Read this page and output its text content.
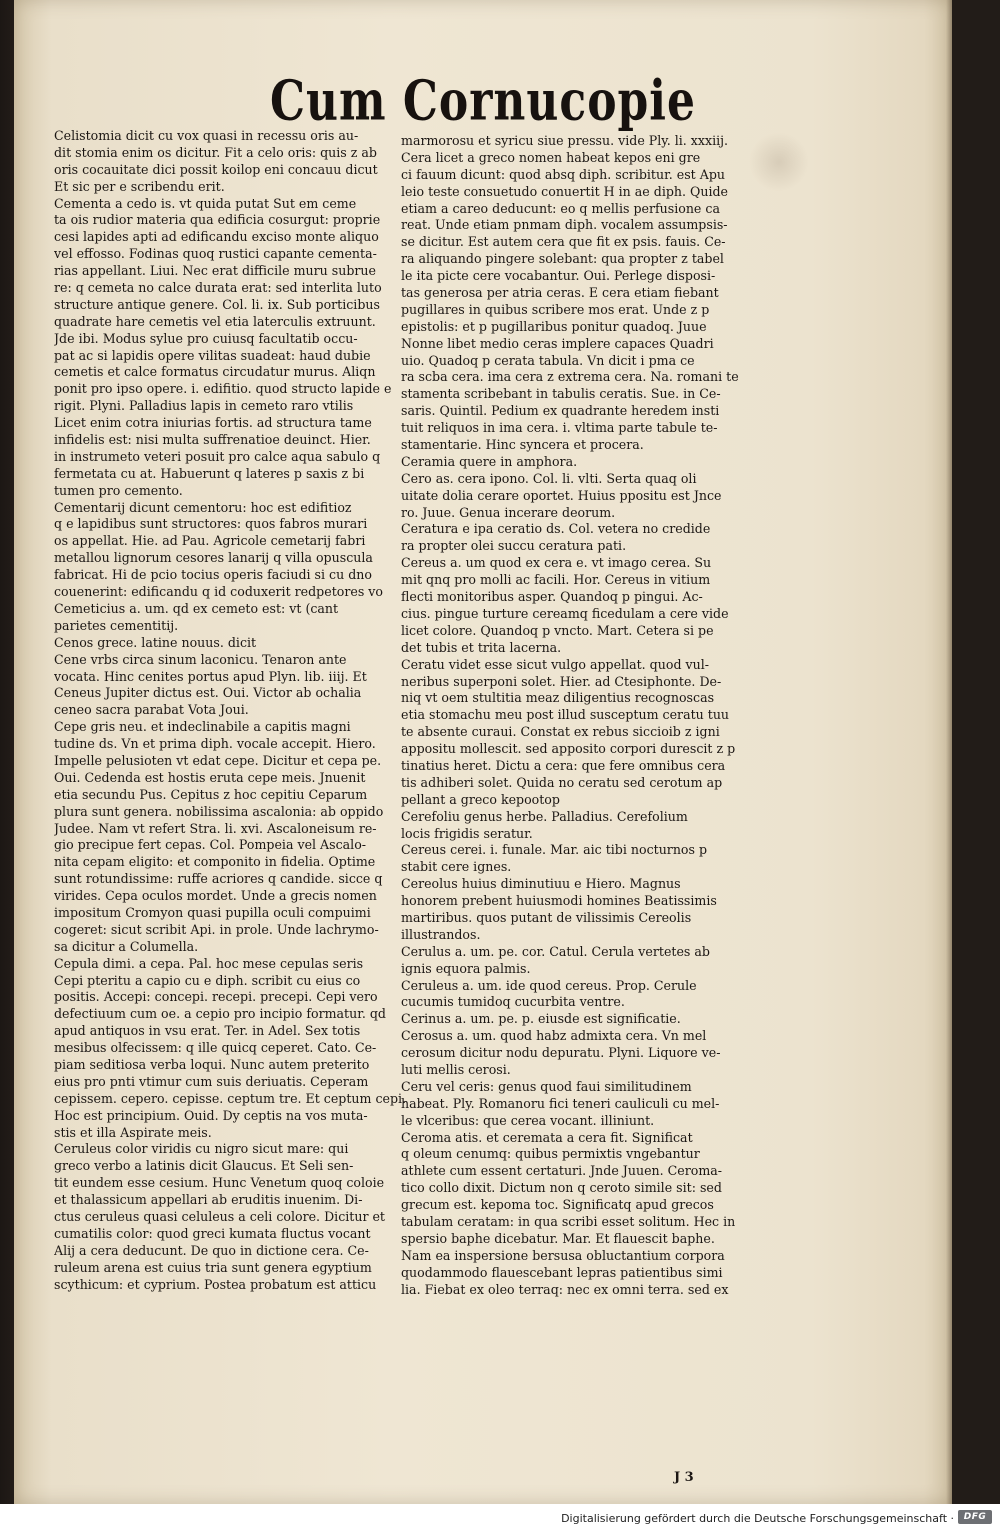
Cum Cornucopie
Celistomia dicit cu vox quasi in recessu oris au-
dit stomia enim os dicitur. Fit a celo oris: quis z ab
oris cocauitate dici possit koilop eni concauu dicut
Et sic per e scribendu erit.
Cementa a cedo is. vt quida putat Sut em ceme
ta ois rudior materia qua edificia cosurgut: proprie
cesi lapides apti ad edificandu exciso monte aliquo
vel effosso. Fodinas quoq rustici capante cementa-
rias appellant. Liui. Nec erat difficile muru subrue
re: q cemeta no calce durata erat: sed interlita luto
structure antique genere. Col. li. ix. Sub porticibus
quadrate hare cemetis vel etia laterculis extruunt.
Jde ibi. Modus sylue pro cuiusq facultatib occu-
pat ac si lapidis opere vilitas suadeat: haud dubie
cemetis et calce formatus circudatur murus. Aliqn
ponit pro ipso opere. i. edifitio. quod structo lapide e
rigit. Plyni. Palladius lapis in cemeto raro vtilis
Licet enim cotra iniurias fortis. ad structura tame
infidelis est: nisi multa suffrenatioe deuinct. Hier.
in instrumeto veteri posuit pro calce aqua sabulo q
fermetata cu at. Habuerunt q lateres p saxis z bi
tumen pro cemento.
Cementarij dicunt cementoru: hoc est edifitioz
q e lapidibus sunt structores: quos fabros murari
os appellat. Hie. ad Pau. Agricole cemetarij fabri
metallou lignorum cesores lanarij q villa opuscula
fabricat. Hi de pcio tocius operis faciudi si cu dno
couenerint: edificandu q id coduxerit redpetores vo
Cemeticius a. um. qd ex cemeto est: vt (cant
parietes cementitij.
Cenos grece. latine nouus. dicit
Cene vrbs circa sinum laconicu. Tenaron ante
vocata. Hinc cenites portus apud Plyn. lib. iiij. Et
Ceneus Jupiter dictus est. Oui. Victor ab ochalia
ceneo sacra parabat Vota Joui.
Cepe gris neu. et indeclinabile a capitis magni
tudine ds. Vn et prima diph. vocale accepit. Hiero.
Impelle pelusioten vt edat cepe. Dicitur et cepa pe.
Oui. Cedenda est hostis eruta cepe meis. Jnuenit
etia secundu Pus. Cepitus z hoc cepitiu Ceparum
plura sunt genera. nobilissima ascalonia: ab oppido
Judee. Nam vt refert Stra. li. xvi. Ascaloneisum re-
gio precipue fert cepas. Col. Pompeia vel Ascalo-
nita cepam eligito: et componito in fidelia. Optime
sunt rotundissime: ruffe acriores q candide. sicce q
virides. Cepa oculos mordet. Unde a grecis nomen
impositum Cromyon quasi pupilla oculi compuimi
cogeret: sicut scribit Api. in prole. Unde lachrymo-
sa dicitur a Columella.
Cepula dimi. a cepa. Pal. hoc mese cepulas seris
Cepi pteritu a capio cu e diph. scribit cu eius co
positis. Accepi: concepi. recepi. precepi. Cepi vero
defectiuum cum oe. a cepio pro incipio formatur. qd
apud antiquos in vsu erat. Ter. in Adel. Sex totis
mesibus olfecissem: q ille quicq ceperet. Cato. Ce-
piam seditiosa verba loqui. Nunc autem preterito
eius pro pnti vtimur cum suis deriuatis. Ceperam
cepissem. cepero. cepisse. ceptum tre. Et ceptum cepi.
Hoc est principium. Ouid. Dy ceptis na vos muta-
stis et illa Aspirate meis.
Ceruleus color viridis cu nigro sicut mare: qui
greco verbo a latinis dicit Glaucus. Et Seli sen-
tit eundem esse cesium. Hunc Venetum quoq coloie
et thalassicum appellari ab eruditis inuenim. Di-
ctus ceruleus quasi celuleus a celi colore. Dicitur et
cumatilis color: quod greci kumata fluctus vocant
Alij a cera deducunt. De quo in dictione cera. Ce-
ruleum arena est cuius tria sunt genera egyptium
scythicum: et cyprium. Postea probatum est atticu
marmorosu et syricu siue pressu. vide Ply. li. xxxiij.
Cera licet a greco nomen habeat kepos eni gre
ci fauum dicunt: quod absq diph. scribitur. est Apu
leio teste consuetudo conuertit H in ae diph. Quide
etiam a careo deducunt: eo q mellis perfusione ca
reat. Unde etiam pnmam diph. vocalem assumpsis-
se dicitur. Est autem cera que fit ex psis. fauis. Ce-
ra aliquando pingere solebant: qua propter z tabel
le ita picte cere vocabantur. Oui. Perlege disposi-
tas generosa per atria ceras. E cera etiam fiebant
pugillares in quibus scribere mos erat. Unde z p
epistolis: et p pugillaribus ponitur quadoq. Juue
Nonne libet medio ceras implere capaces Quadri
uio. Quadoq p cerata tabula. Vn dicit i pma ce
ra scba cera. ima cera z extrema cera. Na. romani te
stamenta scribebant in tabulis ceratis. Sue. in Ce-
saris. Quintil. Pedium ex quadrante heredem insti
tuit reliquos in ima cera. i. vltima parte tabule te-
stamentarie. Hinc syncera et procera.
Ceramia quere in amphora.
Cero as. cera ipono. Col. li. vlti. Serta quaq oli
uitate dolia cerare oportet. Huius ppositu est Jnce
ro. Juue. Genua incerare deorum.
Ceratura e ipa ceratio ds. Col. vetera no credide
ra propter olei succu ceratura pati.
Cereus a. um quod ex cera e. vt imago cerea. Su
mit qnq pro molli ac facili. Hor. Cereus in vitium
flecti monitoribus asper. Quandoq p pingui. Ac-
cius. pingue turture cereamq ficedulam a cere vide
licet colore. Quandoq p vncto. Mart. Cetera si pe
det tubis et trita lacerna.
Ceratu videt esse sicut vulgo appellat. quod vul-
neribus superponi solet. Hier. ad Ctesiphonte. De-
niq vt oem stultitia meaz diligentius recognoscas
etia stomachu meu post illud susceptum ceratu tuu
te absente curaui. Constat ex rebus siccioib z igni
appositu mollescit. sed apposito corpori durescit z p
tinatius heret. Dictu a cera: que fere omnibus cera
tis adhiberi solet. Quida no ceratu sed cerotum ap
pellant a greco kepootop
Cerefoliu genus herbe. Palladius. Cerefolium
locis frigidis seratur.
Cereus cerei. i. funale. Mar. aic tibi nocturnos p
stabit cere ignes.
Cereolus huius diminutiuu e Hiero. Magnus
honorem prebent huiusmodi homines Beatissimis
martiribus. quos putant de vilissimis Cereolis
illustrandos.
Cerulus a. um. pe. cor. Catul. Cerula vertetes ab
ignis equora palmis.
Ceruleus a. um. ide quod cereus. Prop. Cerule
cucumis tumidoq cucurbita ventre.
Cerinus a. um. pe. p. eiusde est significatie.
Cerosus a. um. quod habz admixta cera. Vn mel
cerosum dicitur nodu depuratu. Plyni. Liquore ve-
luti mellis cerosi.
Ceru vel ceris: genus quod faui similitudinem
habeat. Ply. Romanoru fici teneri cauliculi cu mel-
le vlceribus: que cerea vocant. illiniunt.
Ceroma atis. et ceremata a cera fit. Significat
q oleum cenumq: quibus permixtis vngebantur
athlete cum essent certaturi. Jnde Juuen. Ceroma-
tico collo dixit. Dictum non q ceroto simile sit: sed
grecum est. kepoma toc. Significatq apud grecos
tabulam ceratam: in qua scribi esset solitum. Hec in
spersio baphe dicebatur. Mar. Et flauescit baphe.
Nam ea inspersione bersusa obluctantium corpora
quodammodo flauescebant lepras patientibus simi
lia. Fiebat ex oleo terraq: nec ex omni terra. sed ex
J 3
Digitalisierung gefördert durch die Deutsche Forschungsgemeinschaft · DFG
